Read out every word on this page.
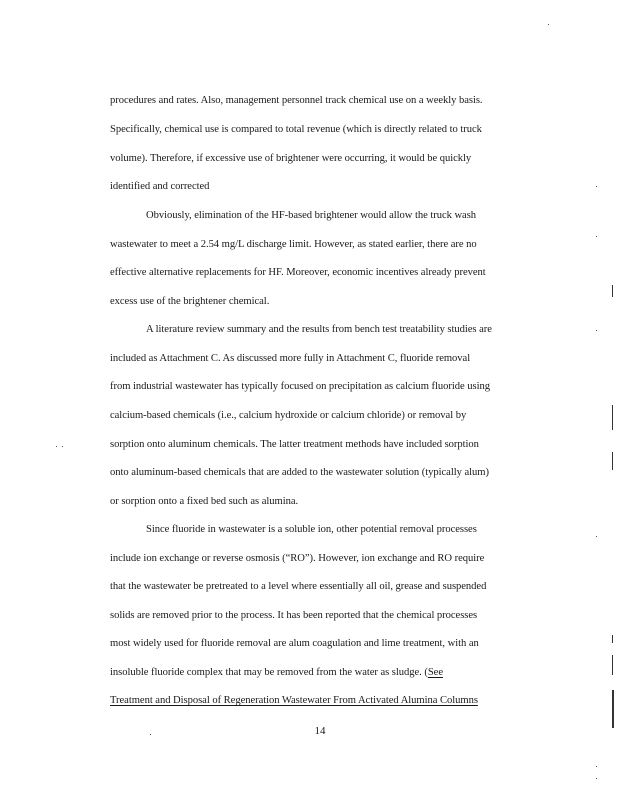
procedures and rates. Also, management personnel track chemical use on a weekly basis.
Specifically, chemical use is compared to total revenue (which is directly related to truck
volume). Therefore, if excessive use of brightener were occurring, it would be quickly
identified and corrected
Obviously, elimination of the HF-based brightener would allow the truck wash
wastewater to meet a 2.54 mg/L discharge limit. However, as stated earlier, there are no
effective alternative replacements for HF. Moreover, economic incentives already prevent
excess use of the brightener chemical.
A literature review summary and the results from bench test treatability studies are
included as Attachment C. As discussed more fully in Attachment C, fluoride removal
from industrial wastewater has typically focused on precipitation as calcium fluoride using
calcium-based chemicals (i.e., calcium hydroxide or calcium chloride) or removal by
sorption onto aluminum chemicals. The latter treatment methods have included sorption
onto aluminum-based chemicals that are added to the wastewater solution (typically alum)
or sorption onto a fixed bed such as alumina.
Since fluoride in wastewater is a soluble ion, other potential removal processes
include ion exchange or reverse osmosis (“RO”). However, ion exchange and RO require
that the wastewater be pretreated to a level where essentially all oil, grease and suspended
solids are removed prior to the process. It has been reported that the chemical processes
most widely used for fluoride removal are alum coagulation and lime treatment, with an
insoluble fluoride complex that may be removed from the water as sludge. (See
Treatment and Disposal of Regeneration Wastewater From Activated Alumina Columns
14
